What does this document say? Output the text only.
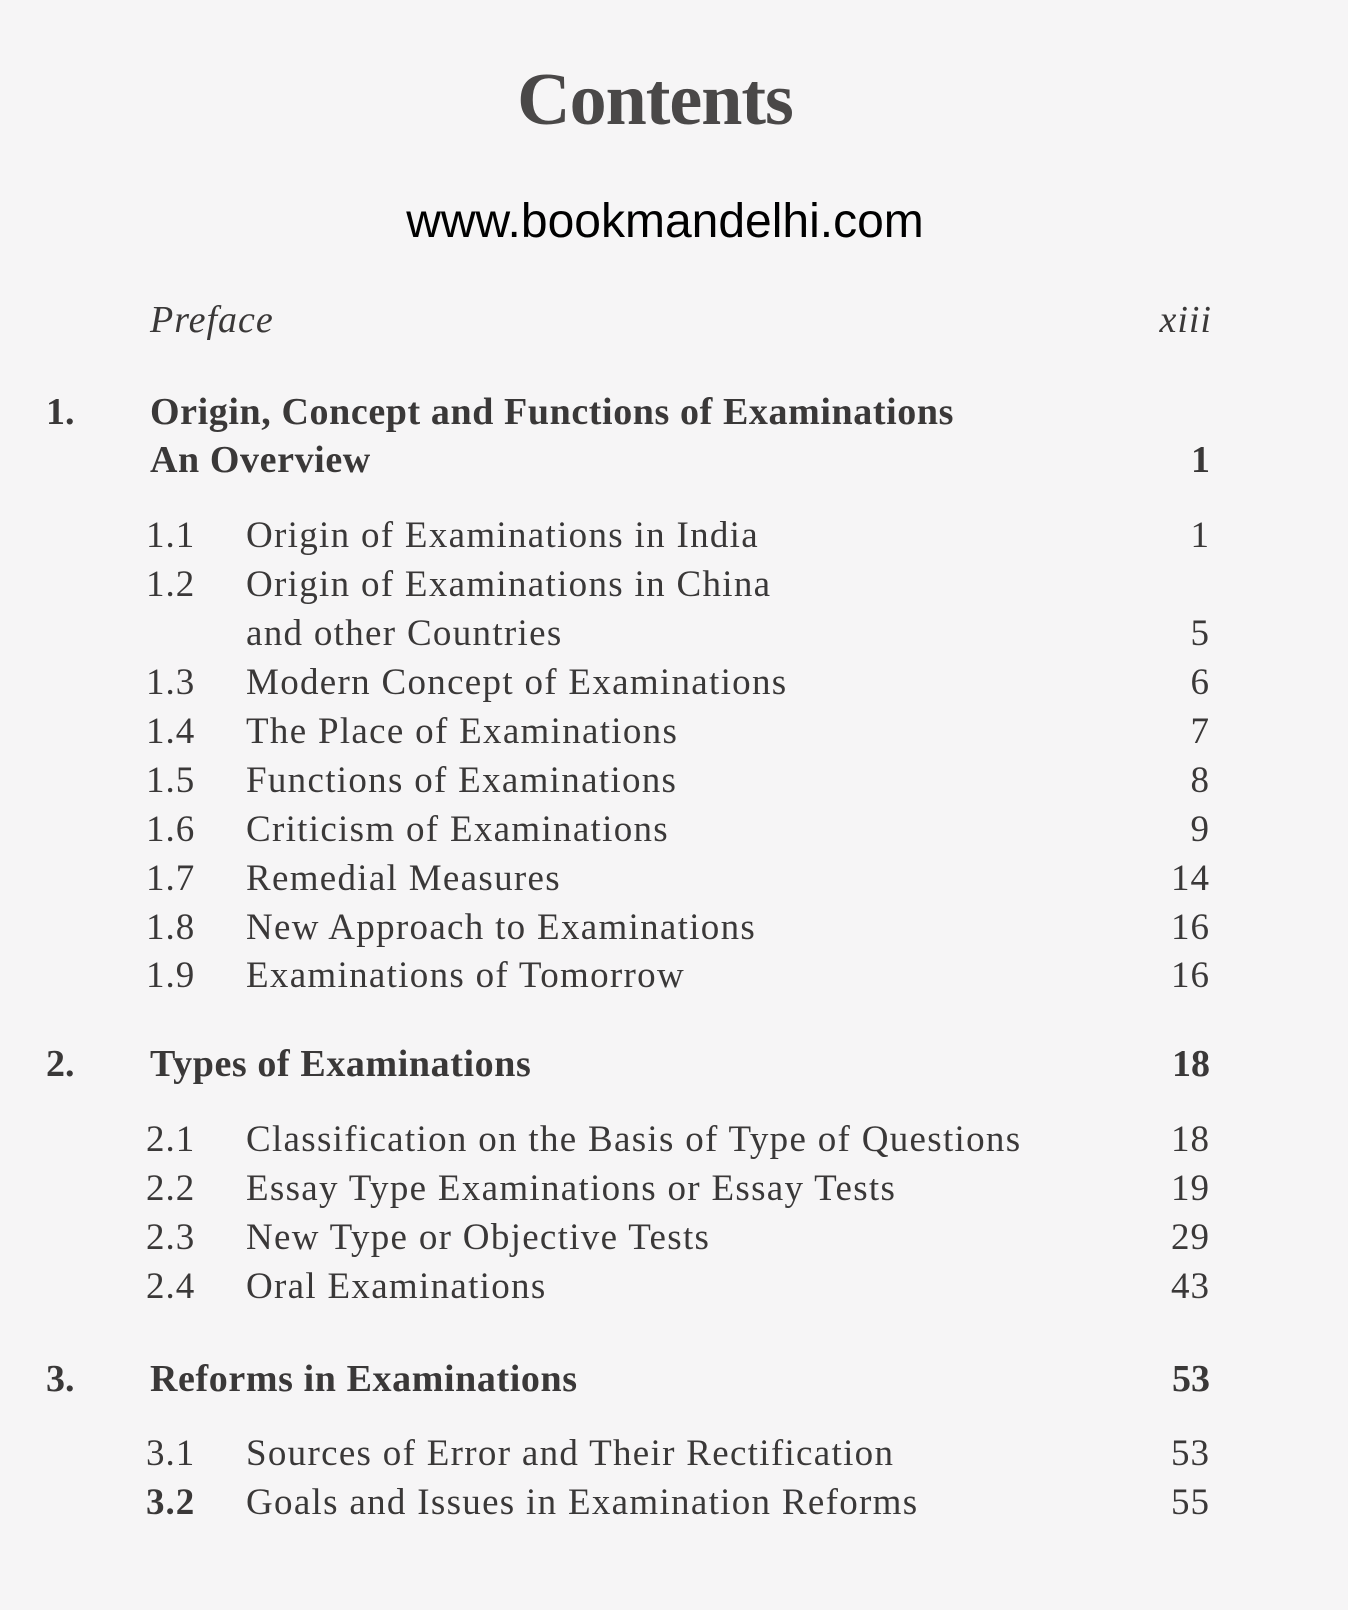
Contents
www.bookmandelhi.com
Preface	xiii
1. Origin, Concept and Functions of Examinations
An Overview	1
1.1 Origin of Examinations in India	1
1.2 Origin of Examinations in China
and other Countries	5
1.3 Modern Concept of Examinations	6
1.4 The Place of Examinations	7
1.5 Functions of Examinations	8
1.6 Criticism of Examinations	9
1.7 Remedial Measures	14
1.8 New Approach to Examinations	16
1.9 Examinations of Tomorrow	16
2. Types of Examinations	18
2.1 Classification on the Basis of Type of Questions	18
2.2 Essay Type Examinations or Essay Tests	19
2.3 New Type or Objective Tests	29
2.4 Oral Examinations	43
3. Reforms in Examinations	53
3.1 Sources of Error and Their Rectification	53
3.2 Goals and Issues in Examination Reforms	55
